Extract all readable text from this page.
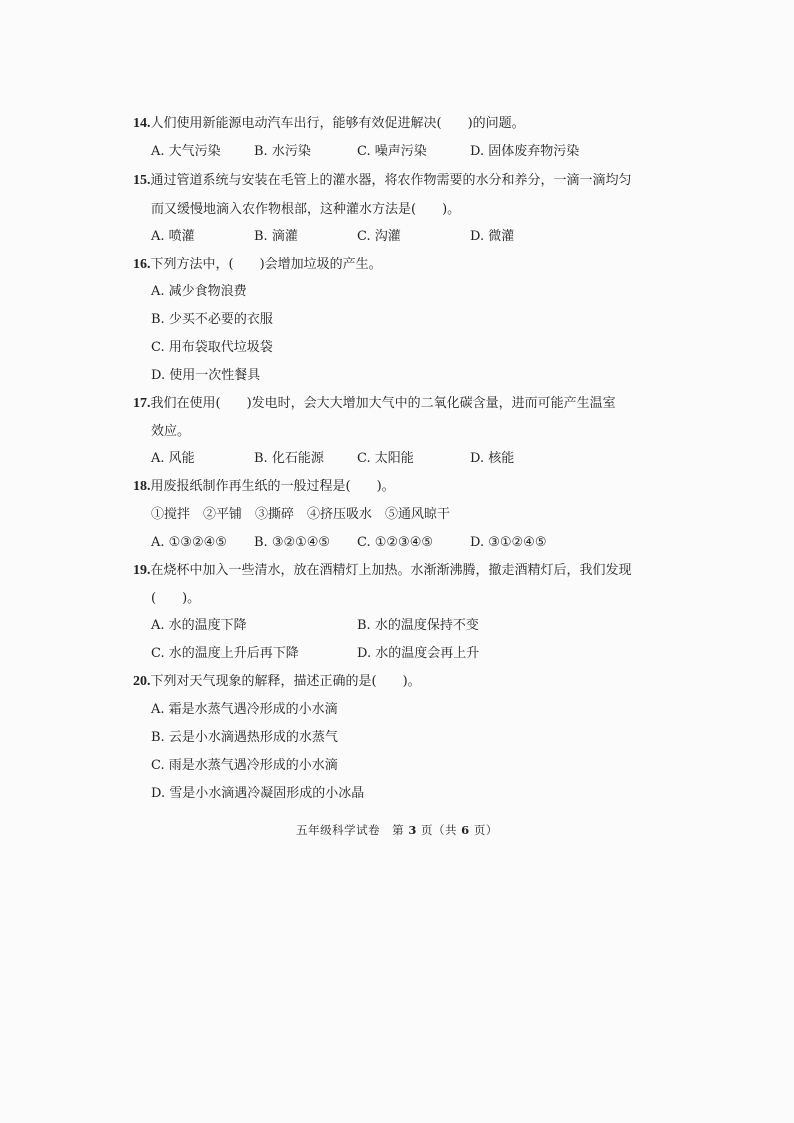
14.人们使用新能源电动汽车出行，能够有效促进解决(　　)的问题。
A. 大气污染	B. 水污染	C. 噪声污染	D. 固体废弃物污染
15.通过管道系统与安装在毛管上的灌水器，将农作物需要的水分和养分，一滴一滴均匀
而又缓慢地滴入农作物根部，这种灌水方法是(　　)。
A. 喷灌	B. 滴灌	C. 沟灌	D. 微灌
16.下列方法中，(　　)会增加垃圾的产生。
A. 减少食物浪费
B. 少买不必要的衣服
C. 用布袋取代垃圾袋
D. 使用一次性餐具
17.我们在使用(　　)发电时，会大大增加大气中的二氧化碳含量，进而可能产生温室
效应。
A. 风能	B. 化石能源	C. 太阳能	D. 核能
18.用废报纸制作再生纸的一般过程是(　　)。
①搅拌　②平铺　③撕碎　④挤压吸水　⑤通风晾干
A. ①③②④⑤ B. ③②①④⑤ C. ①②③④⑤	D. ③①②④⑤
19.在烧杯中加入一些清水，放在酒精灯上加热。水渐渐沸腾，撤走酒精灯后，我们发现
(　　)。
A. 水的温度下降	B. 水的温度保持不变
C. 水的温度上升后再下降	D. 水的温度会再上升
20.下列对天气现象的解释，描述正确的是(　　)。
A. 霜是水蒸气遇冷形成的小水滴
B. 云是小水滴遇热形成的水蒸气
C. 雨是水蒸气遇冷形成的小水滴
D. 雪是小水滴遇冷凝固形成的小冰晶
五年级科学试卷　第 3 页（共 6 页）
